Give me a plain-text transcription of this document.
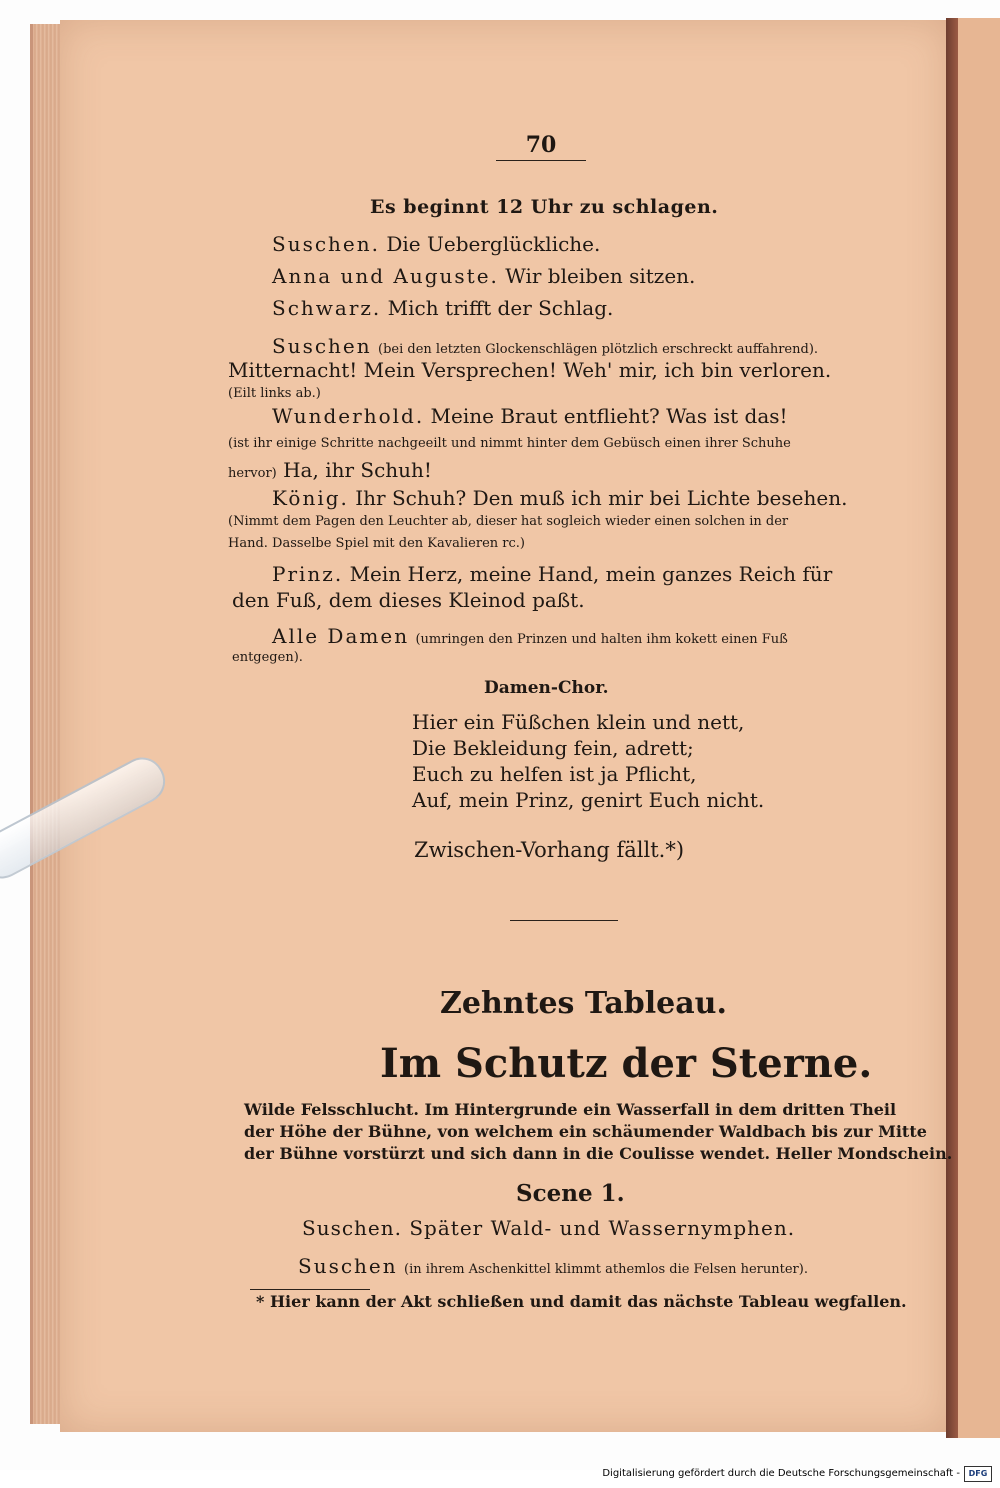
70
Es beginnt 12 Uhr zu schlagen.
Suschen. Die Ueberglückliche.
Anna und Auguste. Wir bleiben sitzen.
Schwarz. Mich trifft der Schlag.
Suschen (bei den letzten Glockenschlägen plötzlich erschreckt auffahrend).
Mitternacht! Mein Versprechen! Weh' mir, ich bin verloren.
(Eilt links ab.)
Wunderhold. Meine Braut entflieht? Was ist das!
(ist ihr einige Schritte nachgeeilt und nimmt hinter dem Gebüsch einen ihrer Schuhe
hervor) Ha, ihr Schuh!
König. Ihr Schuh? Den muß ich mir bei Lichte besehen.
(Nimmt dem Pagen den Leuchter ab, dieser hat sogleich wieder einen solchen in der
Hand. Dasselbe Spiel mit den Kavalieren rc.)
Prinz. Mein Herz, meine Hand, mein ganzes Reich für
den Fuß, dem dieses Kleinod paßt.
Alle Damen (umringen den Prinzen und halten ihm kokett einen Fuß
entgegen).
Damen-Chor.
Hier ein Füßchen klein und nett,
Die Bekleidung fein, adrett;
Euch zu helfen ist ja Pflicht,
Auf, mein Prinz, genirt Euch nicht.
Zwischen-Vorhang fällt.*)
Zehntes Tableau.
Im Schutz der Sterne.
Wilde Felsschlucht. Im Hintergrunde ein Wasserfall in dem dritten Theil
der Höhe der Bühne, von welchem ein schäumender Waldbach bis zur Mitte
der Bühne vorstürzt und sich dann in die Coulisse wendet. Heller Mondschein.
Scene 1.
Suschen. Später Wald- und Wassernymphen.
Suschen (in ihrem Aschenkittel klimmt athemlos die Felsen herunter).
* Hier kann der Akt schließen und damit das nächste Tableau wegfallen.
Digitalisierung gefördert durch die Deutsche Forschungsgemeinschaft -	DFG
